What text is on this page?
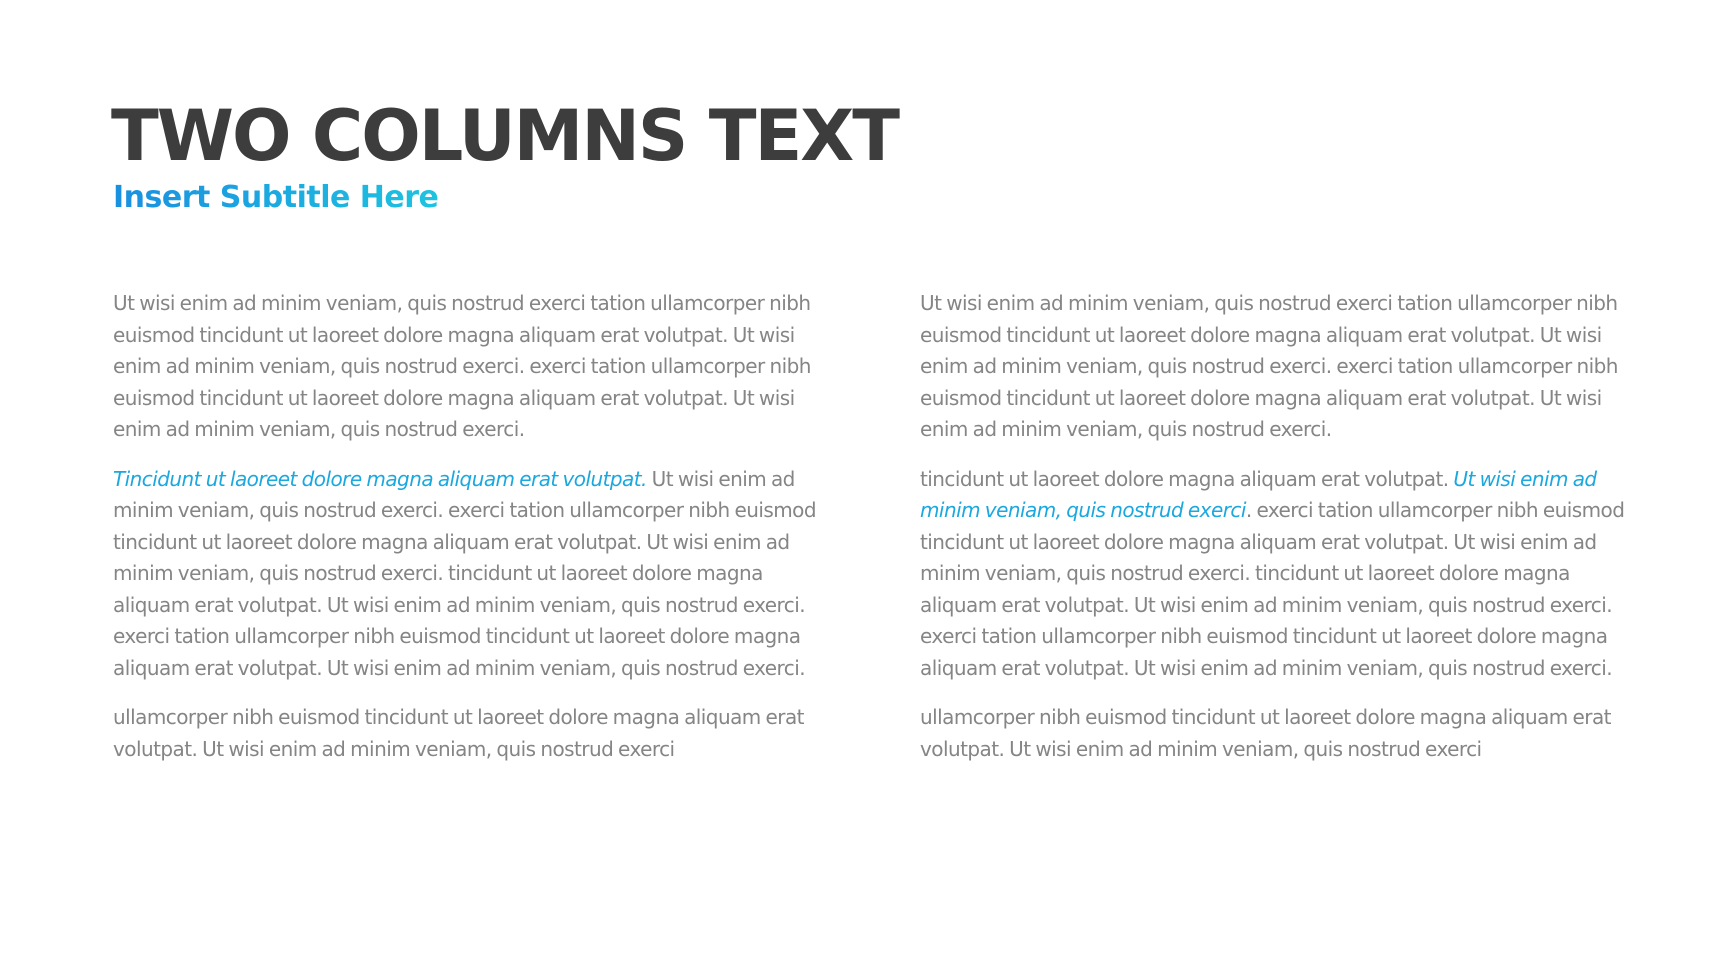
TWO COLUMNS TEXT
Insert Subtitle Here

Ut wisi enim ad minim veniam, quis nostrud exerci tation ullamcorper nibh euismod tincidunt ut laoreet dolore magna aliquam erat volutpat. Ut wisi enim ad minim veniam, quis nostrud exerci. exerci tation ullamcorper nibh euismod tincidunt ut laoreet dolore magna aliquam erat volutpat. Ut wisi enim ad minim veniam, quis nostrud exerci.

Tincidunt ut laoreet dolore magna aliquam erat volutpat. Ut wisi enim ad minim veniam, quis nostrud exerci. exerci tation ullamcorper nibh euismod tincidunt ut laoreet dolore magna aliquam erat volutpat. Ut wisi enim ad minim veniam, quis nostrud exerci. tincidunt ut laoreet dolore magna aliquam erat volutpat. Ut wisi enim ad minim veniam, quis nostrud exerci. exerci tation ullamcorper nibh euismod tincidunt ut laoreet dolore magna aliquam erat volutpat. Ut wisi enim ad minim veniam, quis nostrud exerci.

ullamcorper nibh euismod tincidunt ut laoreet dolore magna aliquam erat volutpat. Ut wisi enim ad minim veniam, quis nostrud exerci

Ut wisi enim ad minim veniam, quis nostrud exerci tation ullamcorper nibh euismod tincidunt ut laoreet dolore magna aliquam erat volutpat. Ut wisi enim ad minim veniam, quis nostrud exerci. exerci tation ullamcorper nibh euismod tincidunt ut laoreet dolore magna aliquam erat volutpat. Ut wisi enim ad minim veniam, quis nostrud exerci.

tincidunt ut laoreet dolore magna aliquam erat volutpat. Ut wisi enim ad minim veniam, quis nostrud exerci. exerci tation ullamcorper nibh euismod tincidunt ut laoreet dolore magna aliquam erat volutpat. Ut wisi enim ad minim veniam, quis nostrud exerci. tincidunt ut laoreet dolore magna aliquam erat volutpat. Ut wisi enim ad minim veniam, quis nostrud exerci. exerci tation ullamcorper nibh euismod tincidunt ut laoreet dolore magna aliquam erat volutpat. Ut wisi enim ad minim veniam, quis nostrud exerci.

ullamcorper nibh euismod tincidunt ut laoreet dolore magna aliquam erat volutpat. Ut wisi enim ad minim veniam, quis nostrud exerci
